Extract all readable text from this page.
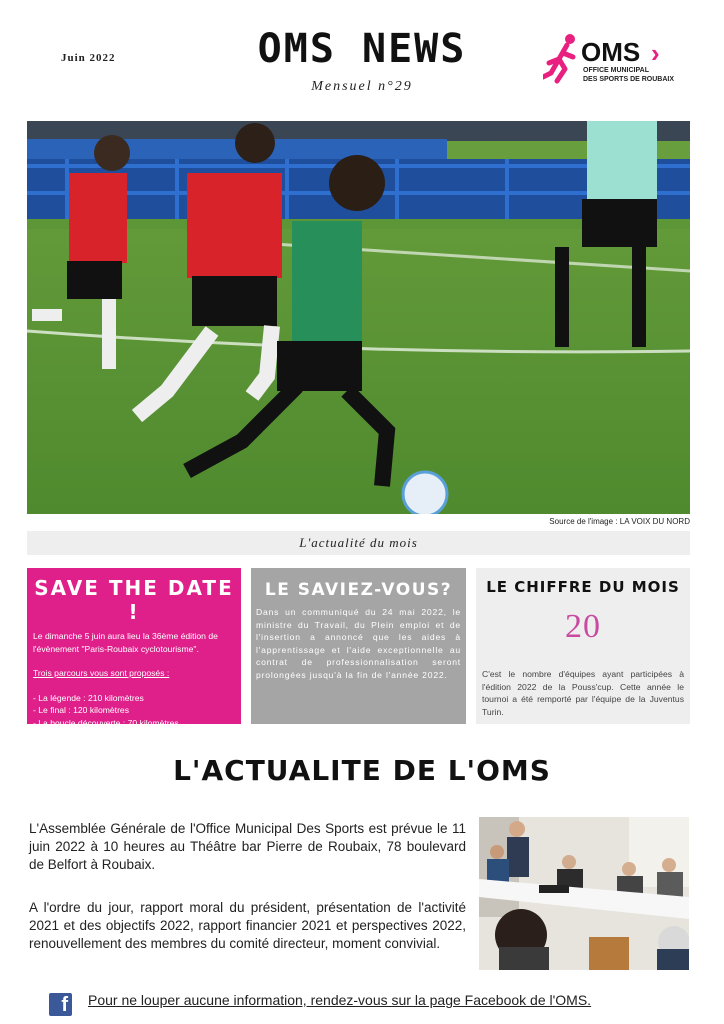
Juin 2022	OMS NEWS
Mensuel n°29
OMS ›
OFFICE MUNICIPAL
DES SPORTS DE ROUBAIX
Source de l'image : LA VOIX DU NORD
L'actualité du mois
SAVE THE DATE !

Le dimanche 5 juin aura lieu la 36ème édition de l'évènement "Paris-Roubaix cyclotourisme".

Trois parcours vous sont proposés :

- La légende : 210 kilomètres

- Le final : 120 kilomètres

- La boucle découverte : 70 kilomètres

LE SAVIEZ-VOUS?
Dans un communiqué du 24 mai 2022, le ministre du Travail, du Plein emploi et de l'insertion a annoncé que les aides à l'apprentissage et l'aide exceptionnelle au contrat de professionnalisation seront prolongées jusqu'à la fin de l'année 2022.
LE CHIFFRE DU MOIS
20
C'est le nombre d'équipes ayant participées à l'édition 2022 de la Pouss'cup. Cette année le tournoi a été remporté par l'équipe de la Juventus Turin.
L'ACTUALITE DE L'OMS
L'Assemblée Générale de l'Office Municipal Des Sports est prévue le 11 juin 2022 à 10 heures au Théâtre bar Pierre de Roubaix, 78 boulevard de Belfort à Roubaix.
A l'ordre du jour, rapport moral du président, présentation de l'activité 2021 et des objectifs 2022, rapport financier 2021 et perspectives 2022, renouvellement des membres du comité directeur, moment convivial.
f Pour ne louper aucune information, rendez-vous sur la page Facebook de l'OMS.
